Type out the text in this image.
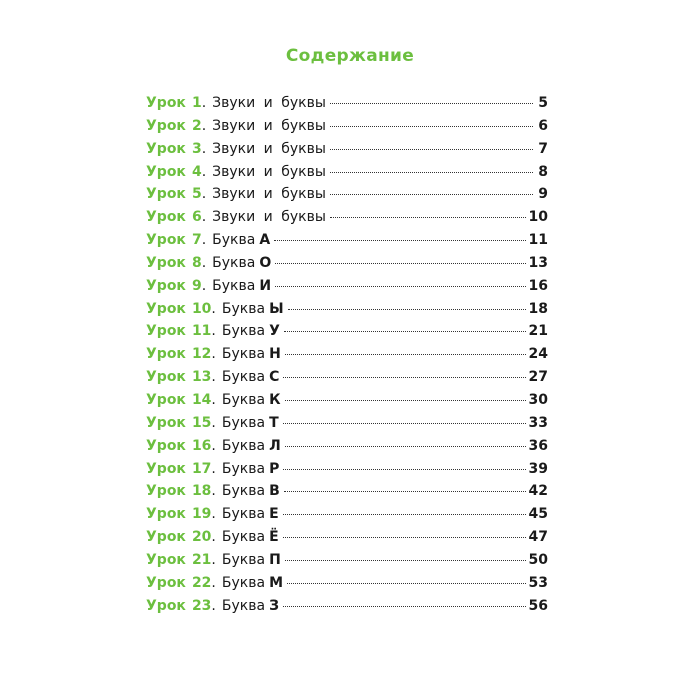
Содержание
Урок 1 . Звуки и буквы	5
Урок 2 . Звуки и буквы	6
Урок 3 . Звуки и буквы	7
Урок 4 . Звуки и буквы	8
Урок 5 . Звуки и буквы	9
Урок 6 . Звуки и буквы	10
Урок 7 . Буква А	11
Урок 8 . Буква О	13
Урок 9 . Буква И	16
Урок 10 . Буква Ы	18
Урок 11 . Буква У	21
Урок 12 . Буква Н	24
Урок 13 . Буква С	27
Урок 14 . Буква К	30
Урок 15 . Буква Т	33
Урок 16 . Буква Л	36
Урок 17 . Буква Р	39
Урок 18 . Буква В	42
Урок 19 . Буква Е	45
Урок 20 . Буква Ё	47
Урок 21 . Буква П	50
Урок 22 . Буква М	53
Урок 23 . Буква З	56
